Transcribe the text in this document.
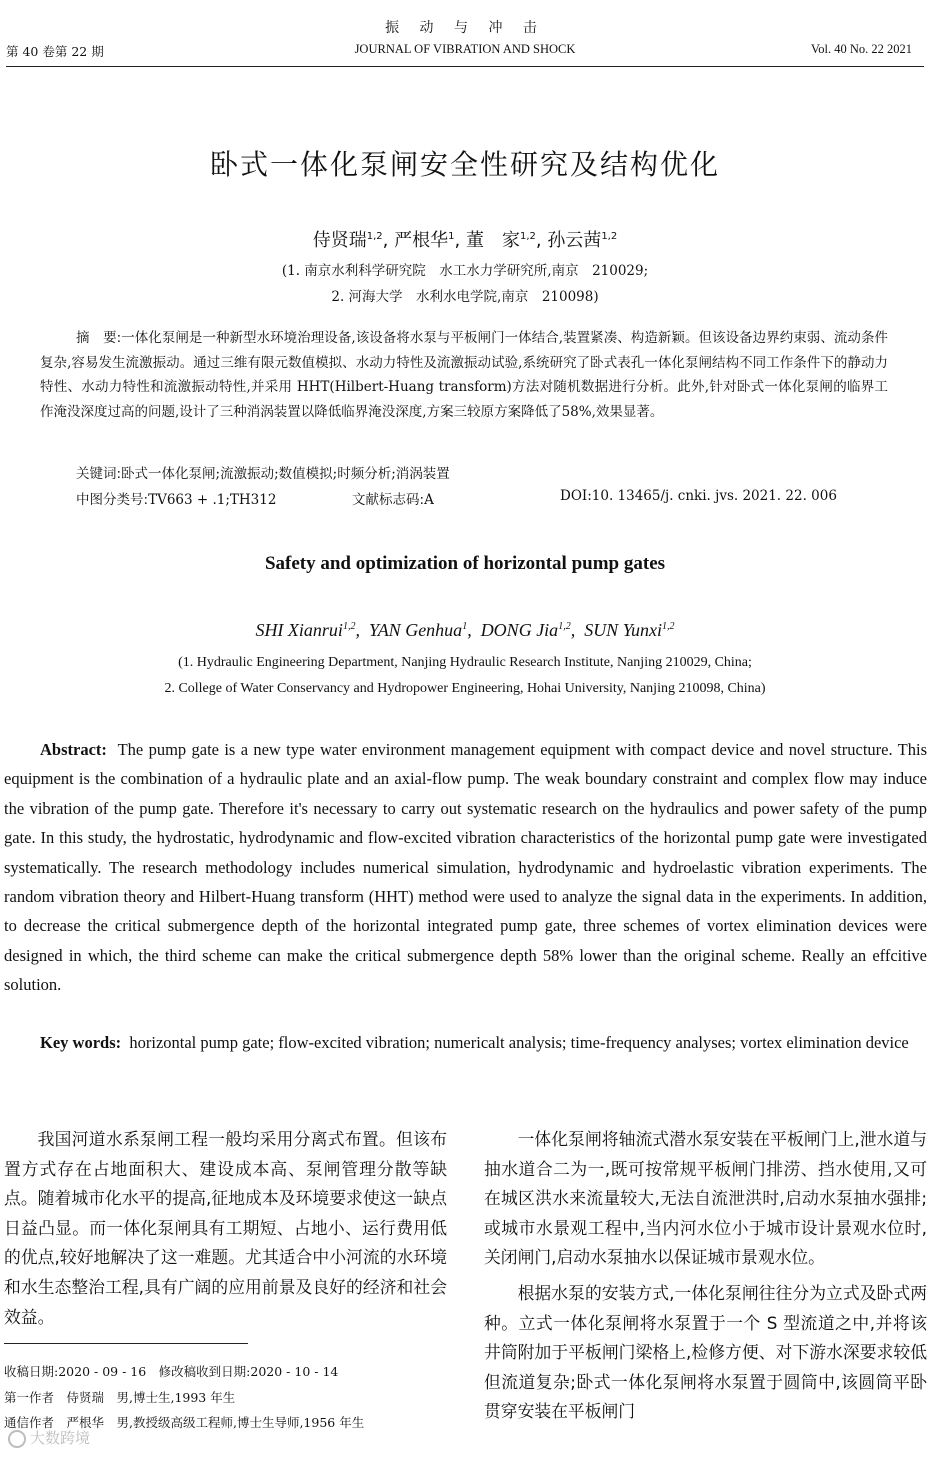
振 动 与 冲 击
第 40 卷第 22 期	JOURNAL OF VIBRATION AND SHOCK	Vol. 40 No. 22 2021
卧式一体化泵闸安全性研究及结构优化
侍贤瑞$^{1,2}$, 严根华$^1$, 董　家$^{1,2}$, 孙云茜$^{1,2}$
(1. 南京水利科学研究院　水工水力学研究所,南京　210029;
2. 河海大学　水利水电学院,南京　210098)
摘　要:一体化泵闸是一种新型水环境治理设备,该设备将水泵与平板闸门一体结合,装置紧凑、构造新颖。但该设备边界约束弱、流动条件复杂,容易发生流激振动。通过三维有限元数值模拟、水动力特性及流激振动试验,系统研究了卧式表孔一体化泵闸结构不同工作条件下的静动力特性、水动力特性和流激振动特性,并采用 HHT(Hilbert-Huang transform)方法对随机数据进行分析。此外,针对卧式一体化泵闸的临界工作淹没深度过高的问题,设计了三种消涡装置以降低临界淹没深度,方案三较原方案降低了58%,效果显著。
关键词:卧式一体化泵闸;流激振动;数值模拟;时频分析;消涡装置
中图分类号:TV663 + .1;TH312	文献标志码:A	DOI:10. 13465/j. cnki. jvs. 2021. 22. 006
Safety and optimization of horizontal pump gates
SHI Xianrui$^{1,2}$,  YAN Genhua$^1$,  DONG Jia$^{1,2}$,  SUN Yunxi$^{1,2}$
(1. Hydraulic Engineering Department, Nanjing Hydraulic Research Institute, Nanjing 210029, China;
2. College of Water Conservancy and Hydropower Engineering, Hohai University, Nanjing 210098, China)
Abstract: The pump gate is a new type water environment management equipment with compact device and novel structure. This equipment is the combination of a hydraulic plate and an axial-flow pump. The weak boundary constraint and complex flow may induce the vibration of the pump gate. Therefore it's necessary to carry out systematic research on the hydraulics and power safety of the pump gate. In this study, the hydrostatic, hydrodynamic and flow-excited vibration characteristics of the horizontal pump gate were investigated systematically. The research methodology includes numerical simulation, hydrodynamic and hydroelastic vibration experiments. The random vibration theory and Hilbert-Huang transform (HHT) method were used to analyze the signal data in the experiments. In addition, to decrease the critical submergence depth of the horizontal integrated pump gate, three schemes of vortex elimination devices were designed in which, the third scheme can make the critical submergence depth 58% lower than the original scheme. Really an effcitive solution.
Key words: horizontal pump gate; flow-excited vibration; numericalt analysis; time-frequency analyses; vortex elimination device

我国河道水系泵闸工程一般均采用分离式布置。但该布置方式存在占地面积大、建设成本高、泵闸管理分散等缺点。随着城市化水平的提高,征地成本及环境要求使这一缺点日益凸显。而一体化泵闸具有工期短、占地小、运行费用低的优点,较好地解决了这一难题。尤其适合中小河流的水环境和水生态整治工程,具有广阔的应用前景及良好的经济和社会效益。

一体化泵闸将轴流式潜水泵安装在平板闸门上,泄水道与抽水道合二为一,既可按常规平板闸门排涝、挡水使用,又可在城区洪水来流量较大,无法自流泄洪时,启动水泵抽水强排;或城市水景观工程中,当内河水位小于城市设计景观水位时,关闭闸门,启动水泵抽水以保证城市景观水位。

根据水泵的安装方式,一体化泵闸往往分为立式及卧式两种。立式一体化泵闸将水泵置于一个 S 型流道之中,并将该井筒附加于平板闸门梁格上,检修方便、对下游水深要求较低但流道复杂;卧式一体化泵闸将水泵置于圆筒中,该圆筒平卧贯穿安装在平板闸门

收稿日期:2020 - 09 - 16　修改稿收到日期:2020 - 10 - 14
第一作者　侍贤瑞　男,博士生,1993 年生
通信作者　严根华　男,教授级高级工程师,博士生导师,1956 年生
大数跨境
